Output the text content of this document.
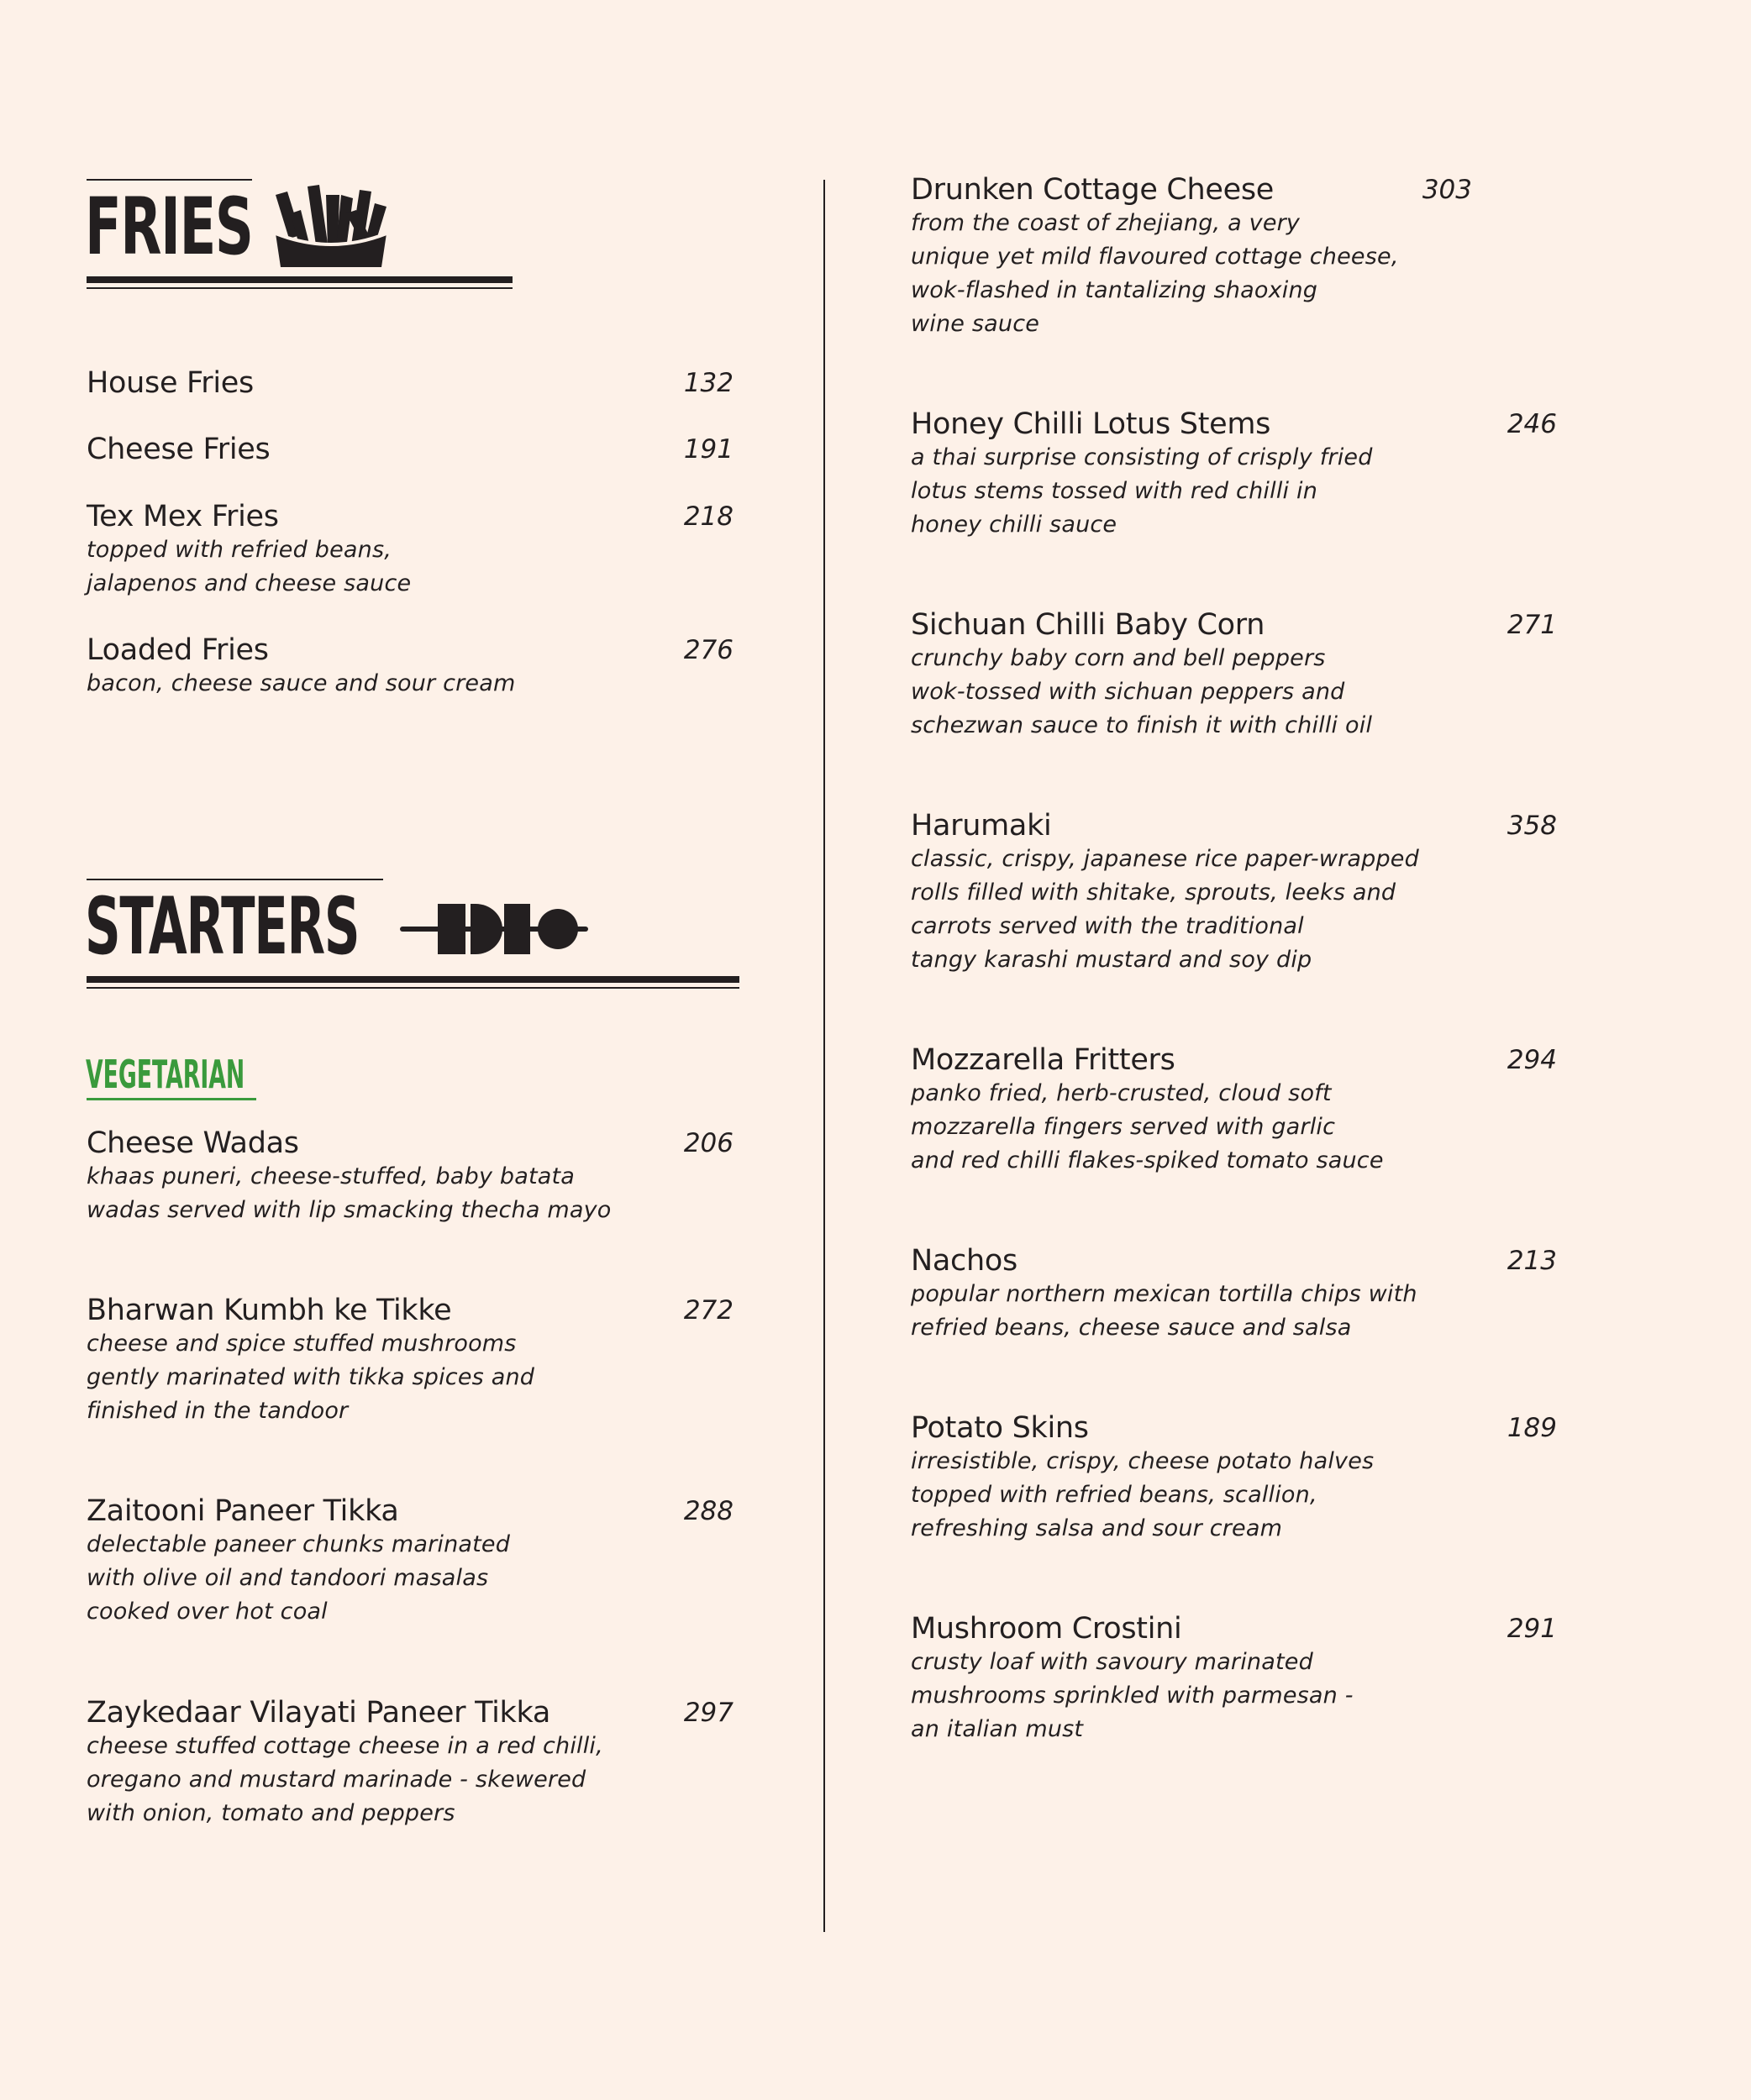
FRIES
House Fries	132
Cheese Fries	191
Tex Mex Fries	218
topped with refried beans,
jalapenos and cheese sauce
Loaded Fries	276
bacon, cheese sauce and sour cream
STARTERS
VEGETARIAN
Cheese Wadas	206
khaas puneri, cheese-stuffed, baby batata
wadas served with lip smacking thecha mayo
Bharwan Kumbh ke Tikke	272
cheese and spice stuffed mushrooms
gently marinated with tikka spices and
finished in the tandoor
Zaitooni Paneer Tikka	288
delectable paneer chunks marinated
with olive oil and tandoori masalas
cooked over hot coal
Zaykedaar Vilayati Paneer Tikka	297
cheese stuffed cottage cheese in a red chilli,
oregano and mustard marinade - skewered
with onion, tomato and peppers
Drunken Cottage Cheese	303
from the coast of zhejiang, a very
unique yet mild flavoured cottage cheese,
wok-flashed in tantalizing shaoxing
wine sauce
Honey Chilli Lotus Stems	246
a thai surprise consisting of crisply fried
lotus stems tossed with red chilli in
honey chilli sauce
Sichuan Chilli Baby Corn	271
crunchy baby corn and bell peppers
wok-tossed with sichuan peppers and
schezwan sauce to finish it with chilli oil
Harumaki	358
classic, crispy, japanese rice paper-wrapped
rolls filled with shitake, sprouts, leeks and
carrots served with the traditional
tangy karashi mustard and soy dip
Mozzarella Fritters	294
panko fried, herb-crusted, cloud soft
mozzarella fingers served with garlic
and red chilli flakes-spiked tomato sauce
Nachos	213
popular northern mexican tortilla chips with
refried beans, cheese sauce and salsa
Potato Skins	189
irresistible, crispy, cheese potato halves
topped with refried beans, scallion,
refreshing salsa and sour cream
Mushroom Crostini	291
crusty loaf with savoury marinated
mushrooms sprinkled with parmesan -
an italian must
